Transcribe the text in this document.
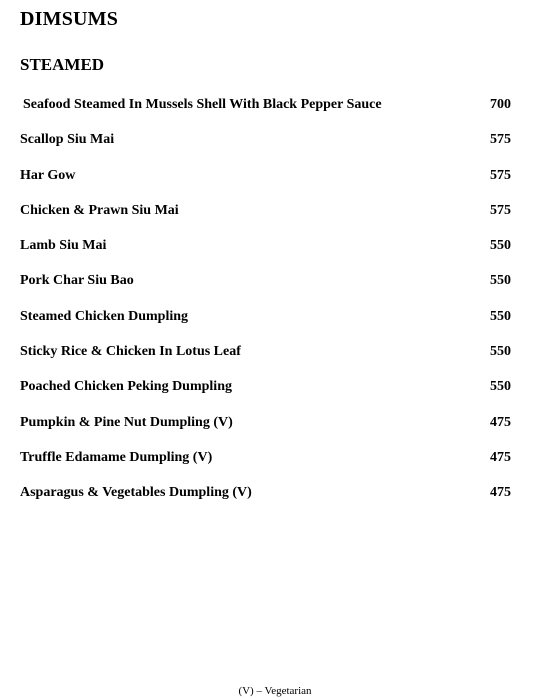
DIMSUMS
STEAMED
Seafood Steamed In Mussels Shell With Black Pepper Sauce	700
Scallop Siu Mai	575
Har Gow	575
Chicken & Prawn Siu Mai	575
Lamb Siu Mai	550
Pork Char Siu Bao	550
Steamed Chicken Dumpling	550
Sticky Rice & Chicken In Lotus Leaf	550
Poached Chicken Peking Dumpling	550
Pumpkin & Pine Nut Dumpling (V)	475
Truffle Edamame Dumpling (V)	475
Asparagus & Vegetables Dumpling (V)	475
(V) – Vegetarian
